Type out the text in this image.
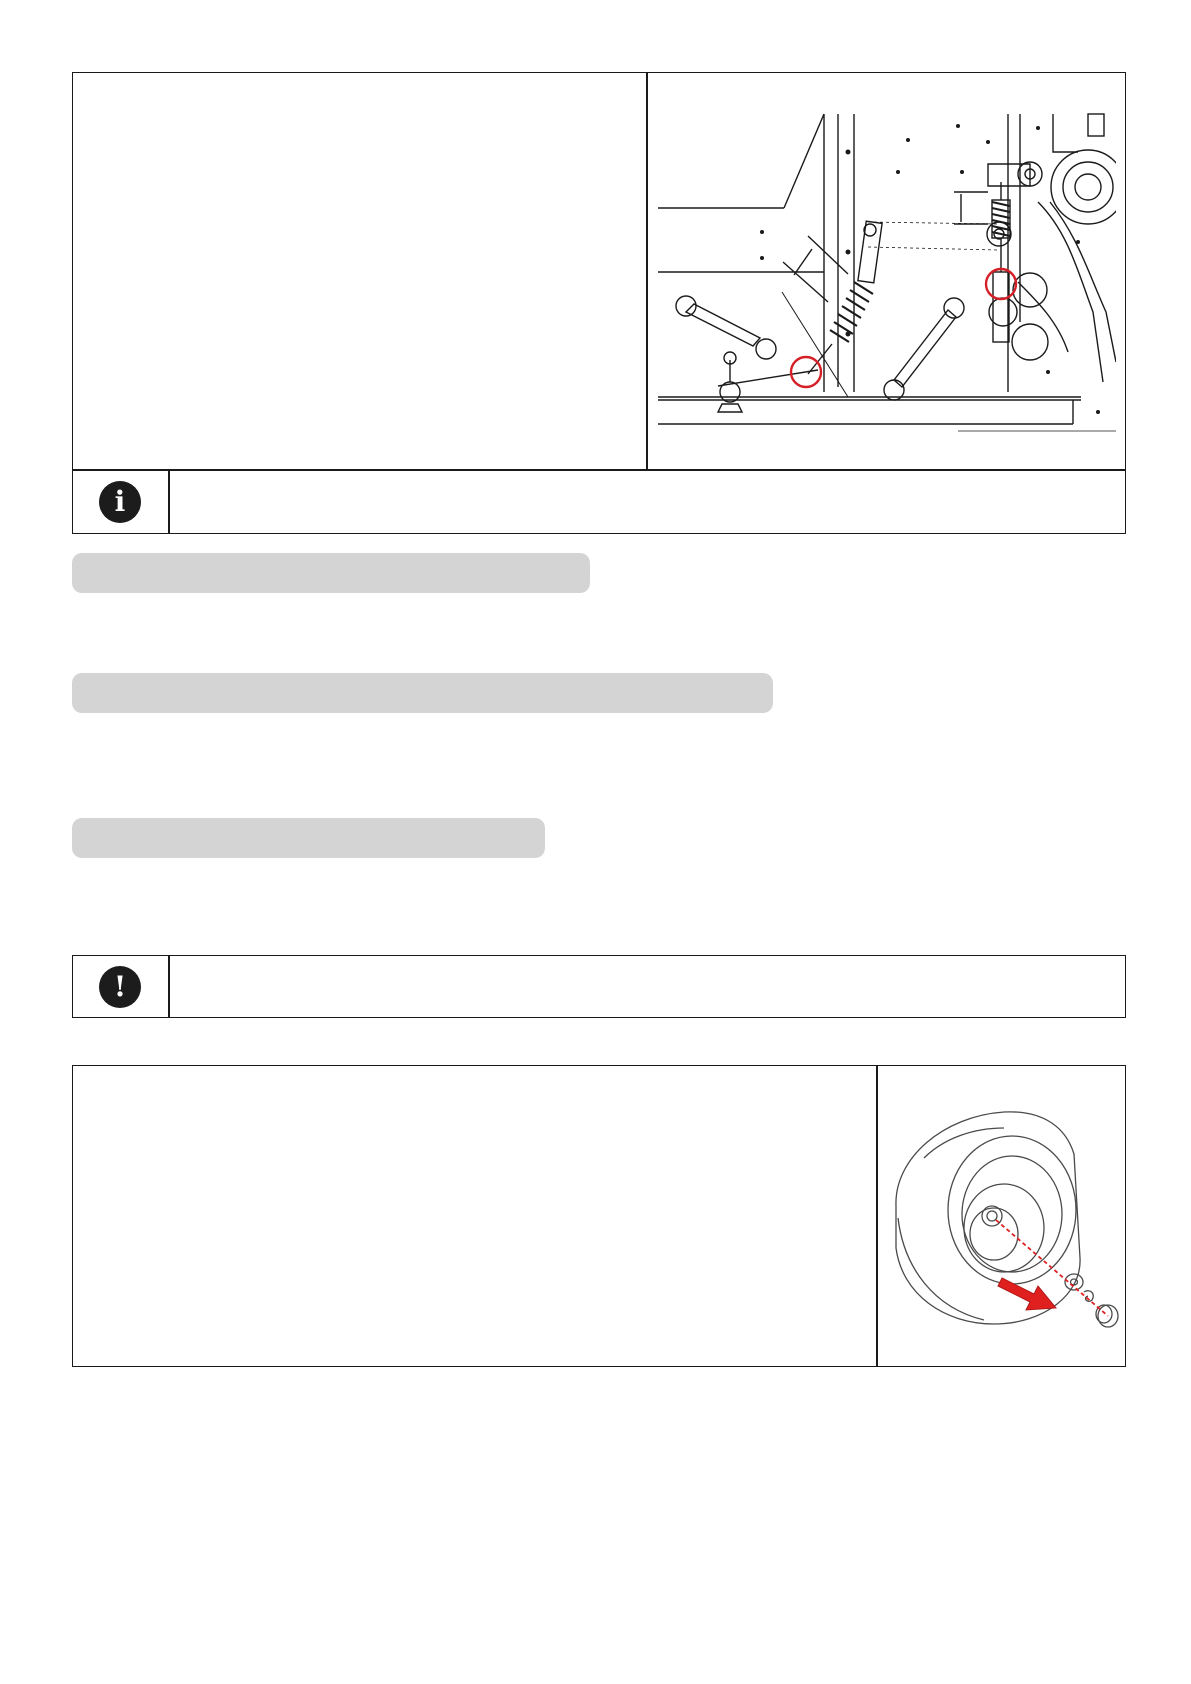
i
!
